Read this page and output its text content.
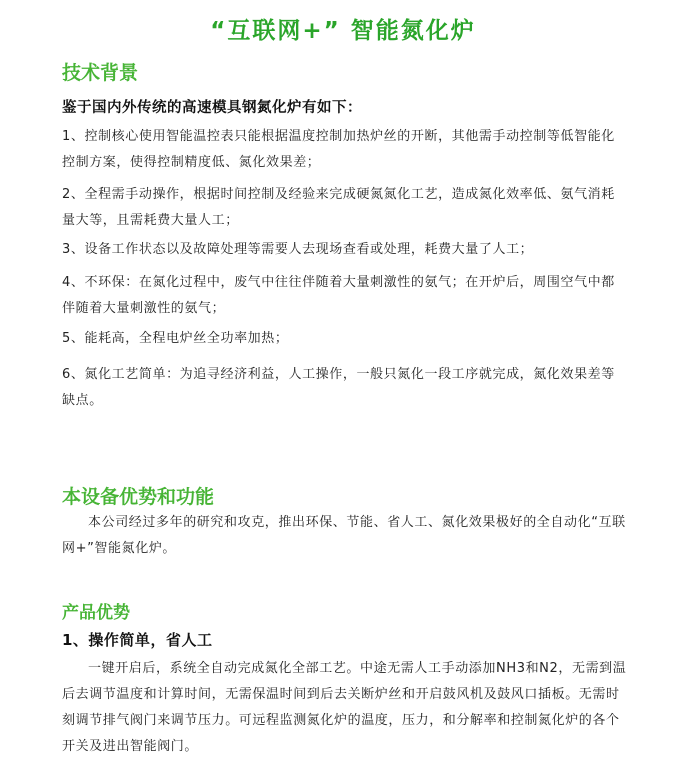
“互联网+” 智能氮化炉
技术背景
鉴于国内外传统的高速模具钢氮化炉有如下：
1、控制核心使用智能温控表只能根据温度控制加热炉丝的开断，其他需手动控制等低智能化控制方案，使得控制精度低、氮化效果差；
2、全程需手动操作，根据时间控制及经验来完成硬氮氮化工艺，造成氮化效率低、氨气消耗量大等，且需耗费大量人工；
3、设备工作状态以及故障处理等需要人去现场查看或处理，耗费大量了人工；
4、不环保：在氮化过程中，废气中往往伴随着大量刺激性的氨气；在开炉后，周围空气中都伴随着大量刺激性的氨气；
5、能耗高，全程电炉丝全功率加热；
6、氮化工艺简单：为追寻经济利益，人工操作，一般只氮化一段工序就完成，氮化效果差等缺点。
本设备优势和功能
本公司经过多年的研究和攻克，推出环保、节能、省人工、氮化效果极好的全自动化“互联网+”智能氮化炉。
产品优势
1、操作简单，省人工
一键开启后，系统全自动完成氮化全部工艺。中途无需人工手动添加NH3和N2，无需到温后去调节温度和计算时间，无需保温时间到后去关断炉丝和开启鼓风机及鼓风口插板。无需时刻调节排气阀门来调节压力。可远程监测氮化炉的温度，压力，和分解率和控制氮化炉的各个开关及进出智能阀门。
